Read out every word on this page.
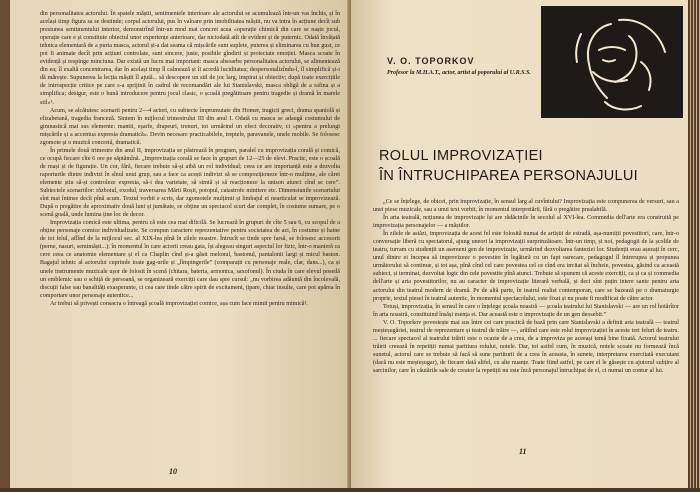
din personalitatea actorului. În spatele măștii, sentimentele interioare ale actorului se acumulează într-un vas închis, și în același timp figura sa se destinde; corpul actorului, pus în valoare prin imobilitatea măștii, nu va intra în acțiune decît sub presiunea sentimentului interior, demonstrînd într-un mod mai concret acea «operație chimică din care se naște jocul, operație care e și constituie obiectul unor experiențe anterioare, dar niciodată atît de evident și de puternic. Odată învățată tehnica elementară de a purta masca, actorul și-a dat seama că mișcările sunt suplete, puterea și eliminarea cu bun gust, ce pot fi animate decît prin acțiuni controlate, sunt sincere, juste, posibile gîndirii și proiectate emoției. Masca scoate în evidență și respinge minciuna. Dar există un lucru mai important: masca absoarbe personalitatea actorului, se alimentează din ea; îl exaltă concentrarea, dar în același timp îl calmează și îi acordă luciditatea; despersonalizîndu-l, îl simplifică și-i dă mărește. Supunerea la lecția măștii îl ajută... să descopere un stil de joc larg, inspirat și obiectiv; după toate exercițiile de introspecție critice pe care s-a sprijinit în cadrul de recomandări ale lui Stanislavski, masca obligă de a rafina și a simplifica; desigur, este o bună introducere pentru jocul clasic, o școală pregătitoare pentru tragedie și dramă în marele stil»¹.

Acum, se alcătuiesc scenarii pentru 2—4 actori, cu subiecte împrumutate din Homer, tragicii greci, drama spaniolă și elizabetană, tragedia franceză. Sintem în mijlocul trimestrului III din anul I. Odată cu masca se adaugă costumului de gimnastică mai sus elemente: mantii, eșarfe, drapeuri, trenuri, tot urmărind un efect decorativ, ci «pentru a prelungi mișcările și a accentua expresia dramatică». Devin necesare practicabilele, treptele, paravanele, unele mobile. Se folosesc zgomote și o muzică concretă, dramatică.

În primele două trimestre din anul II, improvizația se păstrează în program, paralel cu improvizația corală și comică, ce ocupă fiecare cîte 6 ore pe săptămînă. „Improvizația corală se face în grupuri de 12—25 de elevi. Practic, este o școală de mași și de figurație. Un cor, fără, fiecare trebuie să-și aibă un rol individual; ceea ce are importanță este a dezvolta raporturile dintre indivizi în sînul unui grup, sau a face ca acești indivizi să se compoziționeze într-o mulțime, ale cărei elemente știu să-și controleze expresia, să-i dea varietate, să simtă și să reacționeze la unison atunci cînd se cere”. Subiectele scenariilor: războiul, exodul, traversarea Mării Roșii, potopul, catastrofe mintiere etc. Dimensiunile scenariului sînt mai întinse decît pînă acum. Textul vorbit e scris, dar zgomotele mulțimii și limbajul ei nearticulat se improvizează. După o pregătire de aproximativ două luni și jumătate, se obține un spectacol scurt dar complet, în costume sumare, pe o scenă goală, unde lumina ține loc de decor.

Improvizația comică este ultima, pentru că este cea mai dificilă. Se lucrează în grupuri de cîte 5 sau 6, cu scopul de a obține personaje comice individualizate. Se compun caractere reprezentative pentru societatea de azi, în costume și haine de tot felul, aflînd de la mijlocul sec. al XIX-lea pînă în zilele noastre. Întrucît se tinde spre farsă, se folosesc accesorii (perne, nasuri, semimăști...); în momentul în care actorii creau gata, își alegeau singuri aspectul lor fizic, într-o manieră ca cere ceea ce anatomie elementare și el ca Chaplin cînd și-a găsit melonul, bastonul, pantalonii largi și micul baston. Bagajul tehnic al actorului cuprinde toate gag-urile și „lîmpingerile” (comparații cu personaje reale, clar, dans...), ca și unele instrumente muzicale ușor de folosit în scenă (chitara, bateria, armonica, saxofonul). În ciuda în care elevul posedă un emblemic sau o schiță de persoană, se organizează exerciții care dau spre cursul: „nu vorbirea adăuntă din încolevală, discuții false sau banalități exasperante, ci cea care tinde către spirit de excitament, țipare, chiar insulte, care pot apărea în comportare unor personaje autentice...

Ar trebui să privești consacra o întreagă școală improvizației comice, așa cum face mimii pentru mimică¹.

10
V. O. TOPORKOV
Profesor la M.H.A.T., actor, artist al poporului al U.R.S.S.
ROLUL IMPROVIZAȚIEI
ÎN ÎNTRUCHIPAREA PERSONAJULUI

„Ce se înțelege, de obicei, prin improvizație, în sensul larg al cuvîntului? Improvizația este compunerea de versuri, sau a unei piese muzicale, sau a unui text vorbit, în momentul interpretării, fără o pregătire prealabilă.

În arta teatrală, noțiunea de improvizație își are rădăcinile în secolul al XVI-lea. Commedia dell'arte era construită pe improvizația personajelor — a măștilor.

În zilele de astăzi, improvizația de acest fel este folosită numai de artiștii de estradă, așa-numiții povestitori, care, într-o conversație liberă cu spectatorul, ajung uneori la improvizații surprinzătoare. Într-un timp, și noi, pedagogii de la școlile de teatru, turram cu studenții un asemeni gen de improvizație, urmărind dezvoltarea fanteziei lor. Studenții erau așezați în cerc, unul dintre ei începea să improvizeze o povestire în legătură cu un fapt oarecare, pedagogul îl întrerupea și propunea următorului să continue, și tot așa, pînă cînd cel care povestea cel ce cînd era invitat să încheie, povestea, găsind ca această subiect, și terminat, dezvoltat logic din cele povestite pînă atunci. Trebuie să spunem că aceste exerciții, ca și ca și commedia dell'arte și arta povestitorilor, nu au caracter de improvizație literară verbală, și deci sînt puțin intere sante pentru arta actorului din teatrul modern de dramă. Pe de altă parte, în teatrul realist contemporan, care se bazează pe o dramaturgie proprie, textul piesei în teatrul autentic, în momentul spectacolului, este fixat și nu poate fi modificat de către actor.

Totuși, improvizația, în sensul în care o înțelege școala noastră — școala teatrului lui Stanislavski — are un rol hotărîtor în arta noastră, constituind însăși esența ei. Dar această este o improvizație de un gen deosebit.”

V. O. Toporkov povestește mai sus între cei care practică de bază prin care Stanislavski a definit arta teatrală — teatrul meșteșugăriei, teatrul de reprezentare și teatrul de trăire —, arătînd care este rolul improvizației în aceste trei feluri de teatru. ... fiecare spectacol al teatrului trăirii este o ocazie de a crea, de a improviza pe aceeași temă bine fixată. Actorul teatrului trăirii creează în repetiții numai partitura rolului, notele. Dar, tot astfel cum, în muzică, notele scoate nu formează încă sunetul, actorul care se trebuie să facă să sune partiturii de a crea în aceasta, în sunete, interpretarea exercitată executant (dacă nu este meșteșugar), de fiecare dată altfel, cu alte nuanțe. Toate fiind astfel, pe care el le găsește cu ajutorul subțire al sarcinilor, care în căutările sale de creator la repetiții nu este încă personajul întruchipat de el, ci numai un contur al lui.

11
